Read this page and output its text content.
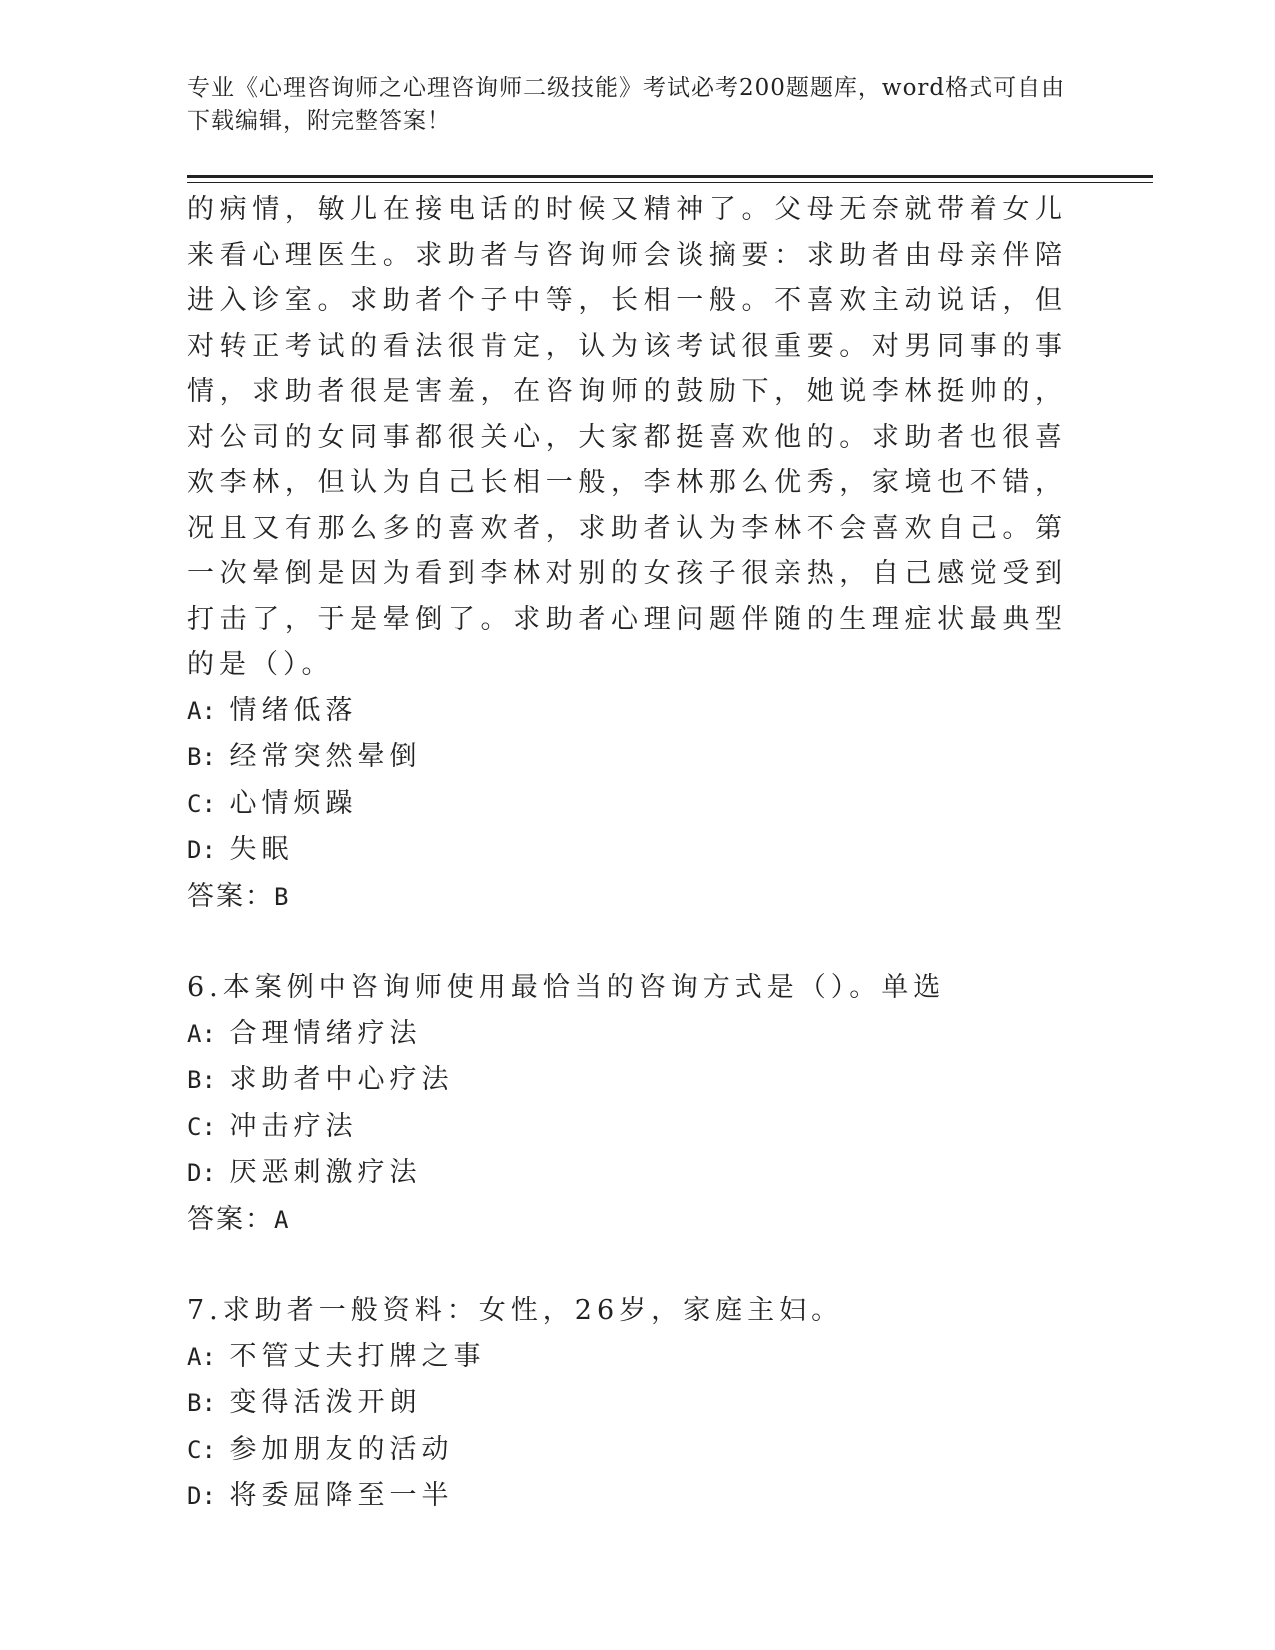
专业《心理咨询师之心理咨询师二级技能》考试必考200题题库，word格式可自由下载编辑，附完整答案！

的病情，敏儿在接电话的时候又精神了。父母无奈就带着女儿来看心理医生。求助者与咨询师会谈摘要：求助者由母亲伴陪进入诊室。求助者个子中等，长相一般。不喜欢主动说话，但对转正考试的看法很肯定，认为该考试很重要。对男同事的事情，求助者很是害羞，在咨询师的鼓励下，她说李林挺帅的，对公司的女同事都很关心，大家都挺喜欢他的。求助者也很喜欢李林，但认为自己长相一般，李林那么优秀，家境也不错，况且又有那么多的喜欢者，求助者认为李林不会喜欢自己。第一次晕倒是因为看到李林对别的女孩子很亲热，自己感觉受到打击了，于是晕倒了。求助者心理问题伴随的生理症状最典型的是（）。

A: 情绪低落

B: 经常突然晕倒

C: 心情烦躁

D: 失眠

答案：B

6.本案例中咨询师使用最恰当的咨询方式是（）。单选

A: 合理情绪疗法

B: 求助者中心疗法

C: 冲击疗法

D: 厌恶刺激疗法

答案：A

7.求助者一般资料：女性，26岁，家庭主妇。

A: 不管丈夫打牌之事

B: 变得活泼开朗

C: 参加朋友的活动

D: 将委屈降至一半
